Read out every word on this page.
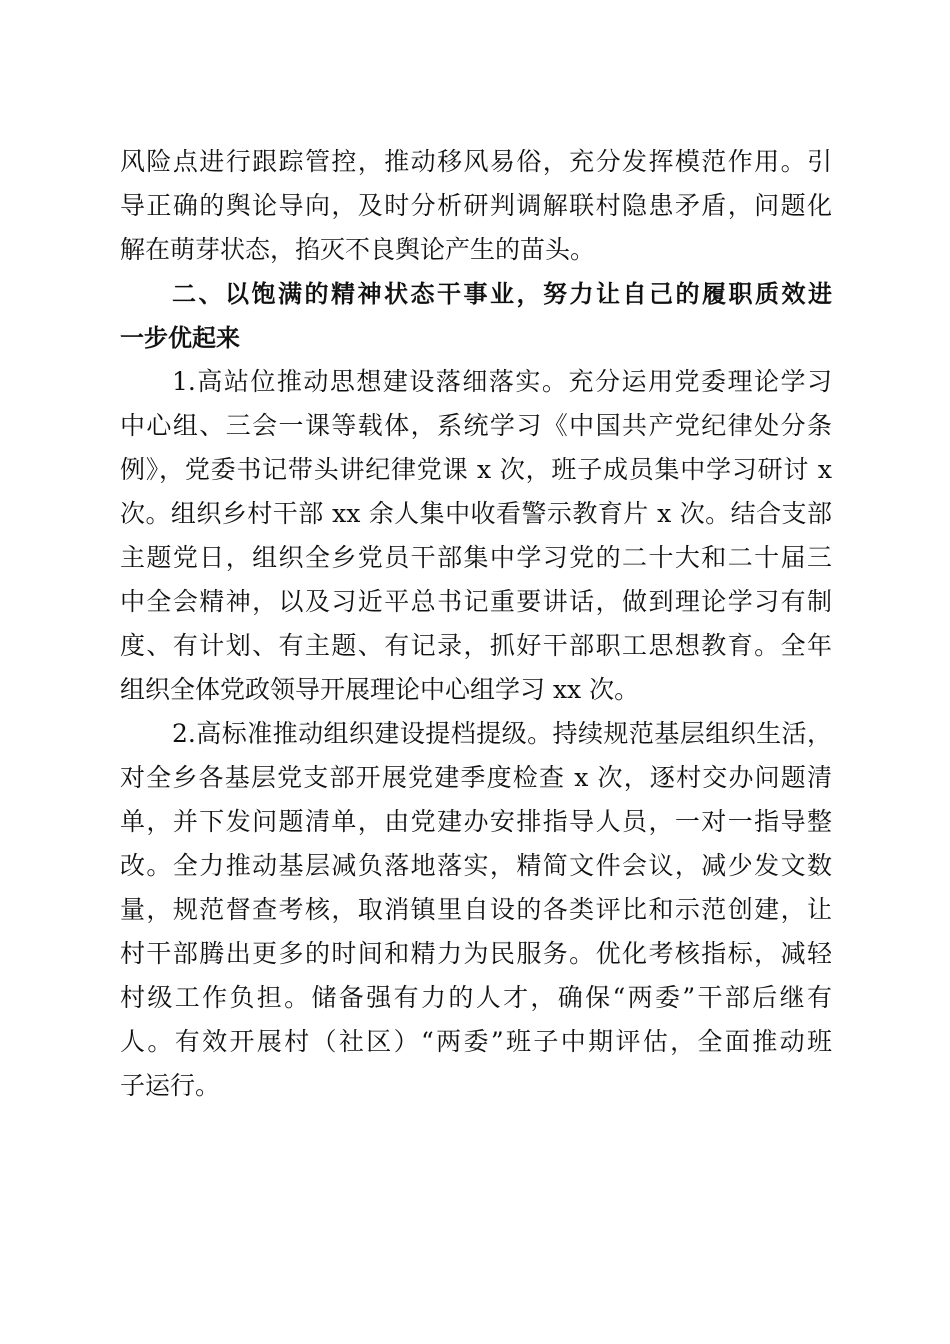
风险点进行跟踪管控，推动移风易俗，充分发挥模范作用。引
导正确的舆论导向，及时分析研判调解联村隐患矛盾，问题化
解在萌芽状态，掐灭不良舆论产生的苗头。
二、以饱满的精神状态干事业，努力让自己的履职质效进
一步优起来
1.高站位推动思想建设落细落实。充分运用党委理论学习
中心组、三会一课等载体，系统学习《中国共产党纪律处分条
例》，党委书记带头讲纪律党课 x 次，班子成员集中学习研讨 x
次。组织乡村干部 xx 余人集中收看警示教育片 x 次。结合支部
主题党日，组织全乡党员干部集中学习党的二十大和二十届三
中全会精神，以及习近平总书记重要讲话，做到理论学习有制
度、有计划、有主题、有记录，抓好干部职工思想教育。全年
组织全体党政领导开展理论中心组学习 xx 次。
2.高标准推动组织建设提档提级。持续规范基层组织生活，
对全乡各基层党支部开展党建季度检查 x 次，逐村交办问题清
单，并下发问题清单，由党建办安排指导人员，一对一指导整
改。全力推动基层减负落地落实，精简文件会议，减少发文数
量，规范督查考核，取消镇里自设的各类评比和示范创建，让
村干部腾出更多的时间和精力为民服务。优化考核指标，减轻
村级工作负担。储备强有力的人才，确保“两委”干部后继有
人。有效开展村（社区）“两委”班子中期评估，全面推动班
子运行。
